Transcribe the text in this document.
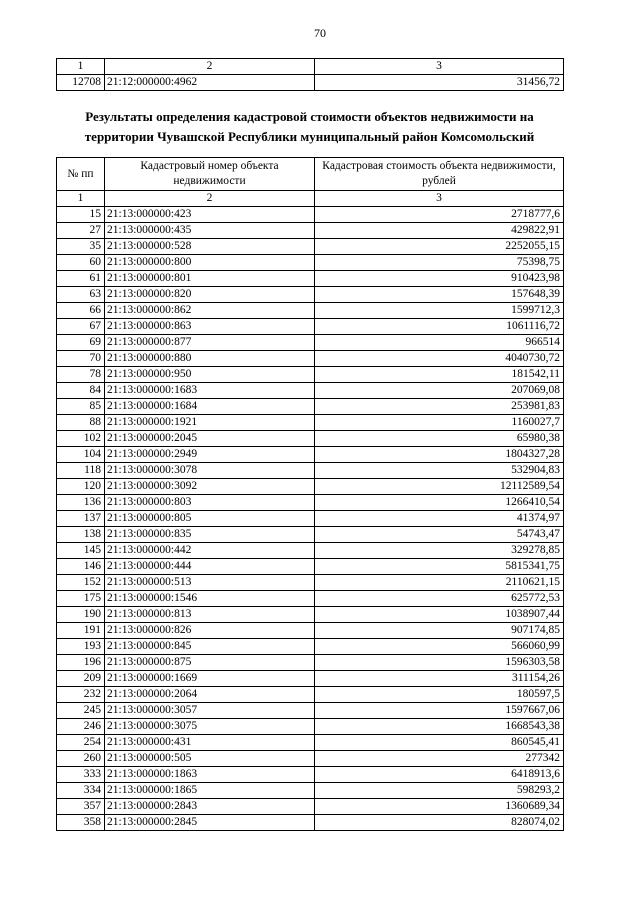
70
1	2	3
12708	21:12:000000:4962	31456,72
Результаты определения кадастровой стоимости объектов недвижимости на
территории Чувашской Республики муниципальный район Комсомольский
№ пп	Кадастровый номер объекта недвижимости	Кадастровая стоимость объекта недвижимости, рублей

1	2	3
15	21:13:000000:423	2718777,6
27	21:13:000000:435	429822,91
35	21:13:000000:528	2252055,15
60	21:13:000000:800	75398,75
61	21:13:000000:801	910423,98
63	21:13:000000:820	157648,39
66	21:13:000000:862	1599712,3
67	21:13:000000:863	1061116,72
69	21:13:000000:877	966514
70	21:13:000000:880	4040730,72
78	21:13:000000:950	181542,11
84	21:13:000000:1683	207069,08
85	21:13:000000:1684	253981,83
88	21:13:000000:1921	1160027,7
102	21:13:000000:2045	65980,38
104	21:13:000000:2949	1804327,28
118	21:13:000000:3078	532904,83
120	21:13:000000:3092	12112589,54
136	21:13:000000:803	1266410,54
137	21:13:000000:805	41374,97
138	21:13:000000:835	54743,47
145	21:13:000000:442	329278,85
146	21:13:000000:444	5815341,75
152	21:13:000000:513	2110621,15
175	21:13:000000:1546	625772,53
190	21:13:000000:813	1038907,44
191	21:13:000000:826	907174,85
193	21:13:000000:845	566060,99
196	21:13:000000:875	1596303,58
209	21:13:000000:1669	311154,26
232	21:13:000000:2064	180597,5
245	21:13:000000:3057	1597667,06
246	21:13:000000:3075	1668543,38
254	21:13:000000:431	860545,41
260	21:13:000000:505	277342
333	21:13:000000:1863	6418913,6
334	21:13:000000:1865	598293,2
357	21:13:000000:2843	1360689,34
358	21:13:000000:2845	828074,02
